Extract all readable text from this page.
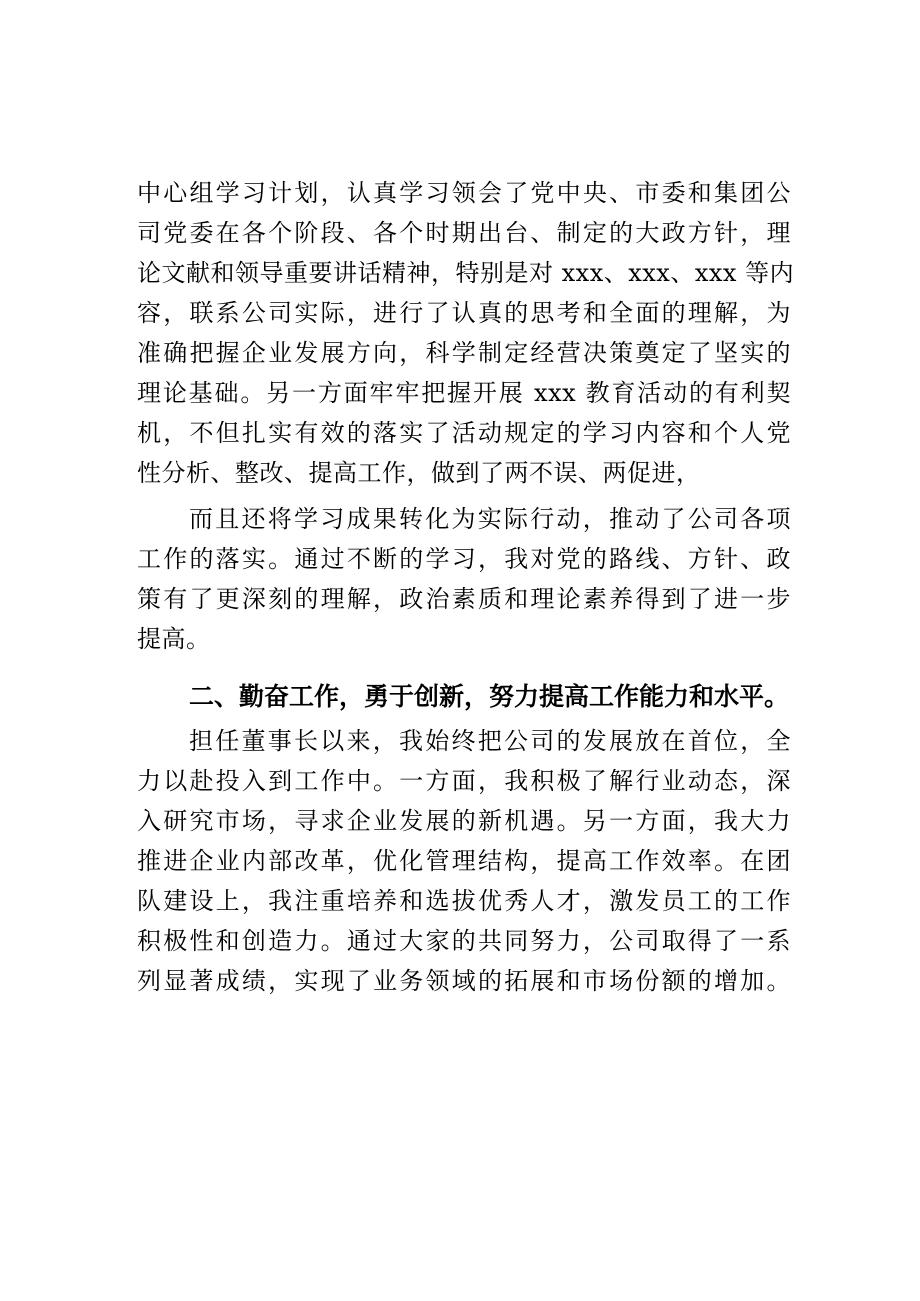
中心组学习计划，认真学习领会了党中央、市委和集团公
司党委在各个阶段、各个时期出台、制定的大政方针，理
论文献和领导重要讲话精神，特别是对 xxx、xxx、xxx 等内
容，联系公司实际，进行了认真的思考和全面的理解，为
准确把握企业发展方向，科学制定经营决策奠定了坚实的
理论基础。另一方面牢牢把握开展 xxx 教育活动的有利契
机，不但扎实有效的落实了活动规定的学习内容和个人党
性分析、整改、提高工作，做到了两不误、两促进，
而且还将学习成果转化为实际行动，推动了公司各项
工作的落实。通过不断的学习，我对党的路线、方针、政
策有了更深刻的理解，政治素质和理论素养得到了进一步
提高。
二、勤奋工作，勇于创新，努力提高工作能力和水平。
担任董事长以来，我始终把公司的发展放在首位，全
力以赴投入到工作中。一方面，我积极了解行业动态，深
入研究市场，寻求企业发展的新机遇。另一方面，我大力
推进企业内部改革，优化管理结构，提高工作效率。在团
队建设上，我注重培养和选拔优秀人才，激发员工的工作
积极性和创造力。通过大家的共同努力，公司取得了一系
列显著成绩，实现了业务领域的拓展和市场份额的增加。
